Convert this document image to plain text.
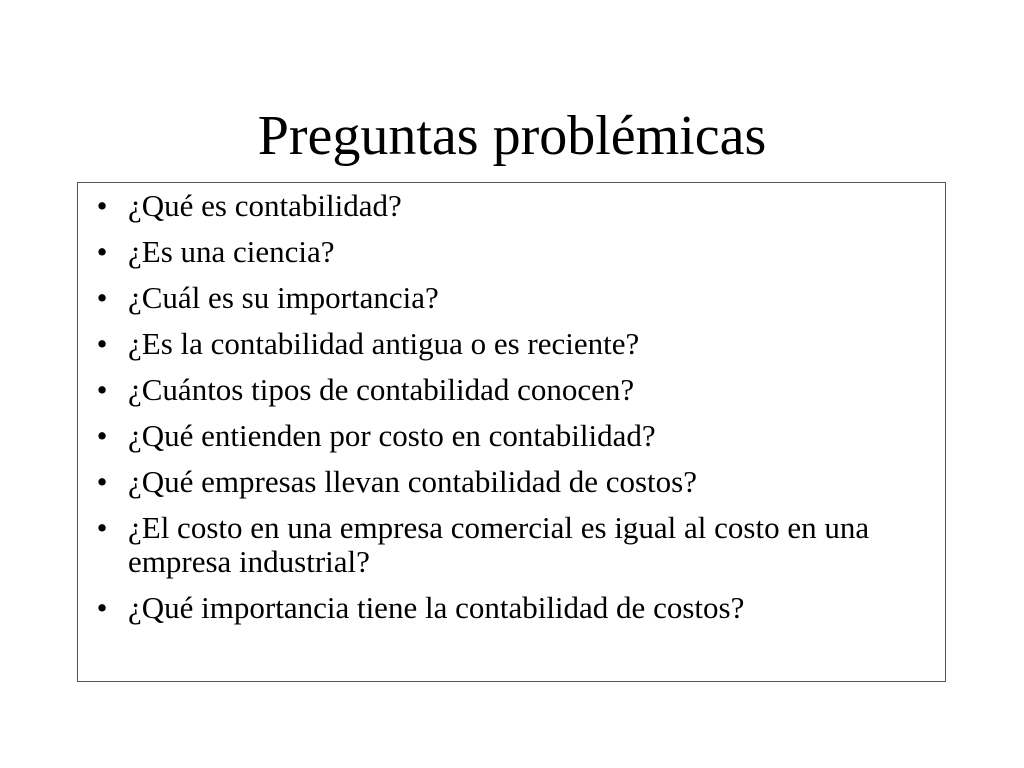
Preguntas problémicas
• ¿Qué es contabilidad?
• ¿Es una ciencia?
• ¿Cuál es su importancia?
• ¿Es la contabilidad antigua o es reciente?
• ¿Cuántos tipos de contabilidad conocen?
• ¿Qué entienden por costo en contabilidad?
• ¿Qué empresas llevan contabilidad de costos?
• ¿El costo en una empresa comercial es igual al costo en una empresa industrial?
• ¿Qué importancia tiene la contabilidad de costos?
